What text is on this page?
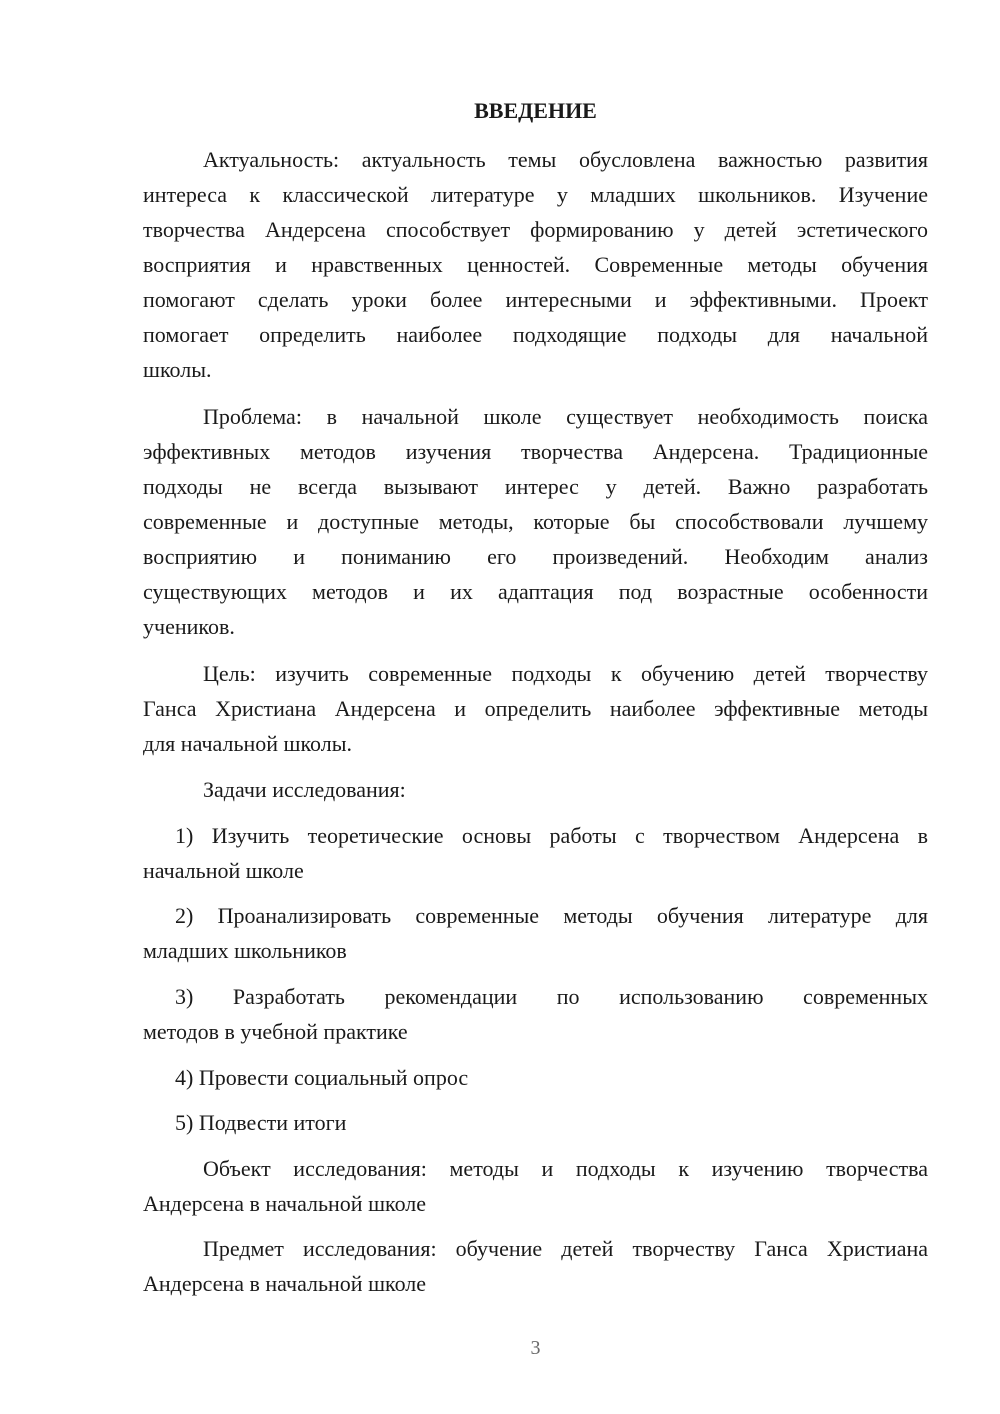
ВВЕДЕНИЕ
Актуальность: актуальность темы обусловлена важностью развития
интереса к классической литературе у младших школьников. Изучение
творчества Андерсена способствует формированию у детей эстетического
восприятия и нравственных ценностей. Современные методы обучения
помогают сделать уроки более интересными и эффективными. Проект
помогает определить наиболее подходящие подходы для начальной
школы.
Проблема: в начальной школе существует необходимость поиска
эффективных методов изучения творчества Андерсена. Традиционные
подходы не всегда вызывают интерес у детей. Важно разработать
современные и доступные методы, которые бы способствовали лучшему
восприятию и пониманию его произведений. Необходим анализ
существующих методов и их адаптация под возрастные особенности
учеников.
Цель: изучить современные подходы к обучению детей творчеству
Ганса Христиана Андерсена и определить наиболее эффективные методы
для начальной школы.
Задачи исследования:
1) Изучить теоретические основы работы с творчеством Андерсена в
начальной школе
2) Проанализировать современные методы обучения литературе для
младших школьников
3) Разработать рекомендации по использованию современных
методов в учебной практике
4) Провести социальный опрос
5) Подвести итоги
Объект исследования: методы и подходы к изучению творчества
Андерсена в начальной школе
Предмет исследования: обучение детей творчеству Ганса Христиана
Андерсена в начальной школе
3
